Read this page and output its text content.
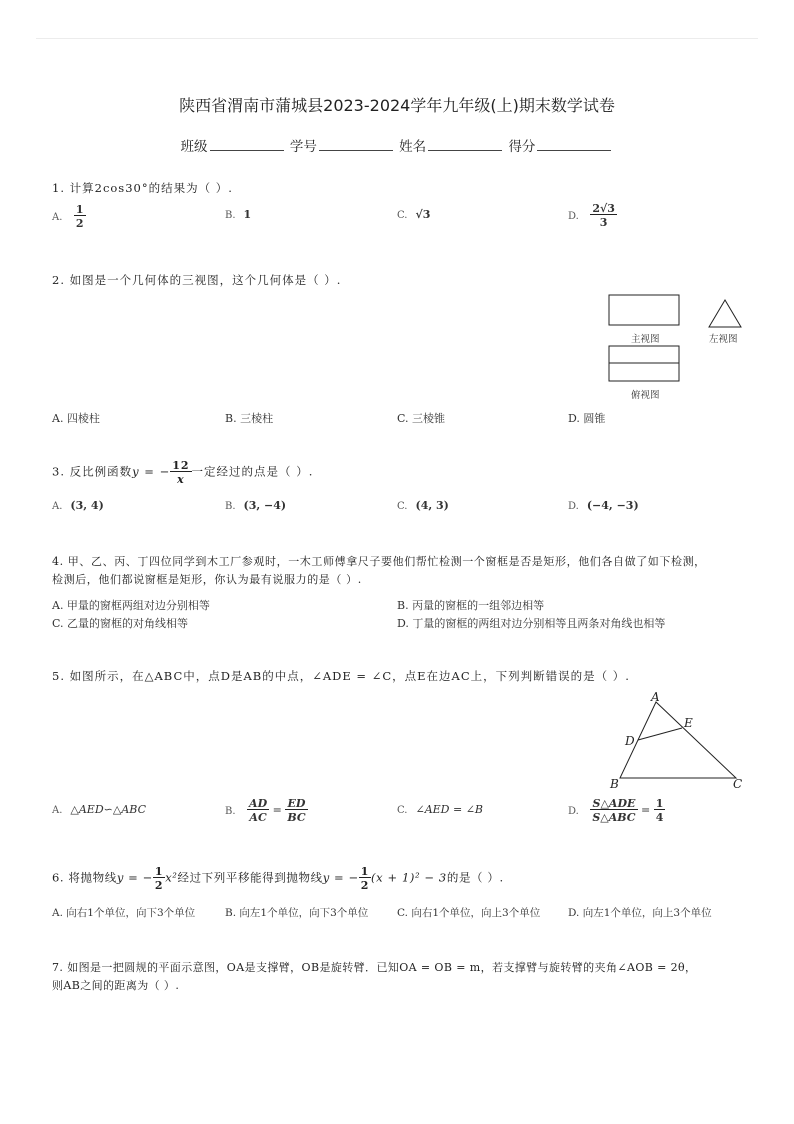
陕西省渭南市蒲城县2023-2024学年九年级(上)期末数学试卷
班级	学号	姓名	得分
1. 计算2cos30°的结果为（ ）.
A. $\frac{1}{2}$	B. 1	C. √3	D. $\frac{2√3}{3}$
2. 如图是一个几何体的三视图，这个几何体是（ ）.
主视图	左视图
俯视图
A. 四棱柱	B. 三棱柱	C. 三棱锥	D. 圆锥
3. 反比例函数y = − $\frac{12}{x}$ 一定经过的点是（ ）.
A. (3, 4)	B. (3, −4)	C. (4, 3)	D. (−4, −3)
4. 甲、乙、丙、丁四位同学到木工厂参观时，一木工师傅拿尺子要他们帮忙检测一个窗框是否是矩形，他们各自做了如下检测，
检测后，他们都说窗框是矩形，你认为最有说服力的是（ ）.
A. 甲量的窗框两组对边分别相等	B. 丙量的窗框的一组邻边相等
C. 乙量的窗框的对角线相等	D. 丁量的窗框的两组对边分别相等且两条对角线也相等
5. 如图所示，在△ABC中，点D是AB的中点，∠ADE = ∠C，点E在边AC上，下列判断错误的是（ ）.
A
E
D
B	C
A. △AED∽△ABC	B. $\frac{AD}{AC} = \frac{ED}{BC}$	C. ∠AED = ∠B	D. $\frac{\text{S△ADE}}{\text{S△ABC}} = \frac{1}{4}$
6. 将抛物线y = − $\frac{1}{2} x^2$经过下列平移能得到抛物线y = − $\frac{1}{2} (x + 1)^2 - 3$的是（ ）.
A. 向右1个单位，向下3个单位	B. 向左1个单位，向下3个单位	C. 向右1个单位，向上3个单位	D. 向左1个单位，向上3个单位
7. 如图是一把圆规的平面示意图，OA是支撑臂，OB是旋转臂．已知OA = OB = m，若支撑臂与旋转臂的夹角∠AOB = 2θ，
则AB之间的距离为（ ）.
